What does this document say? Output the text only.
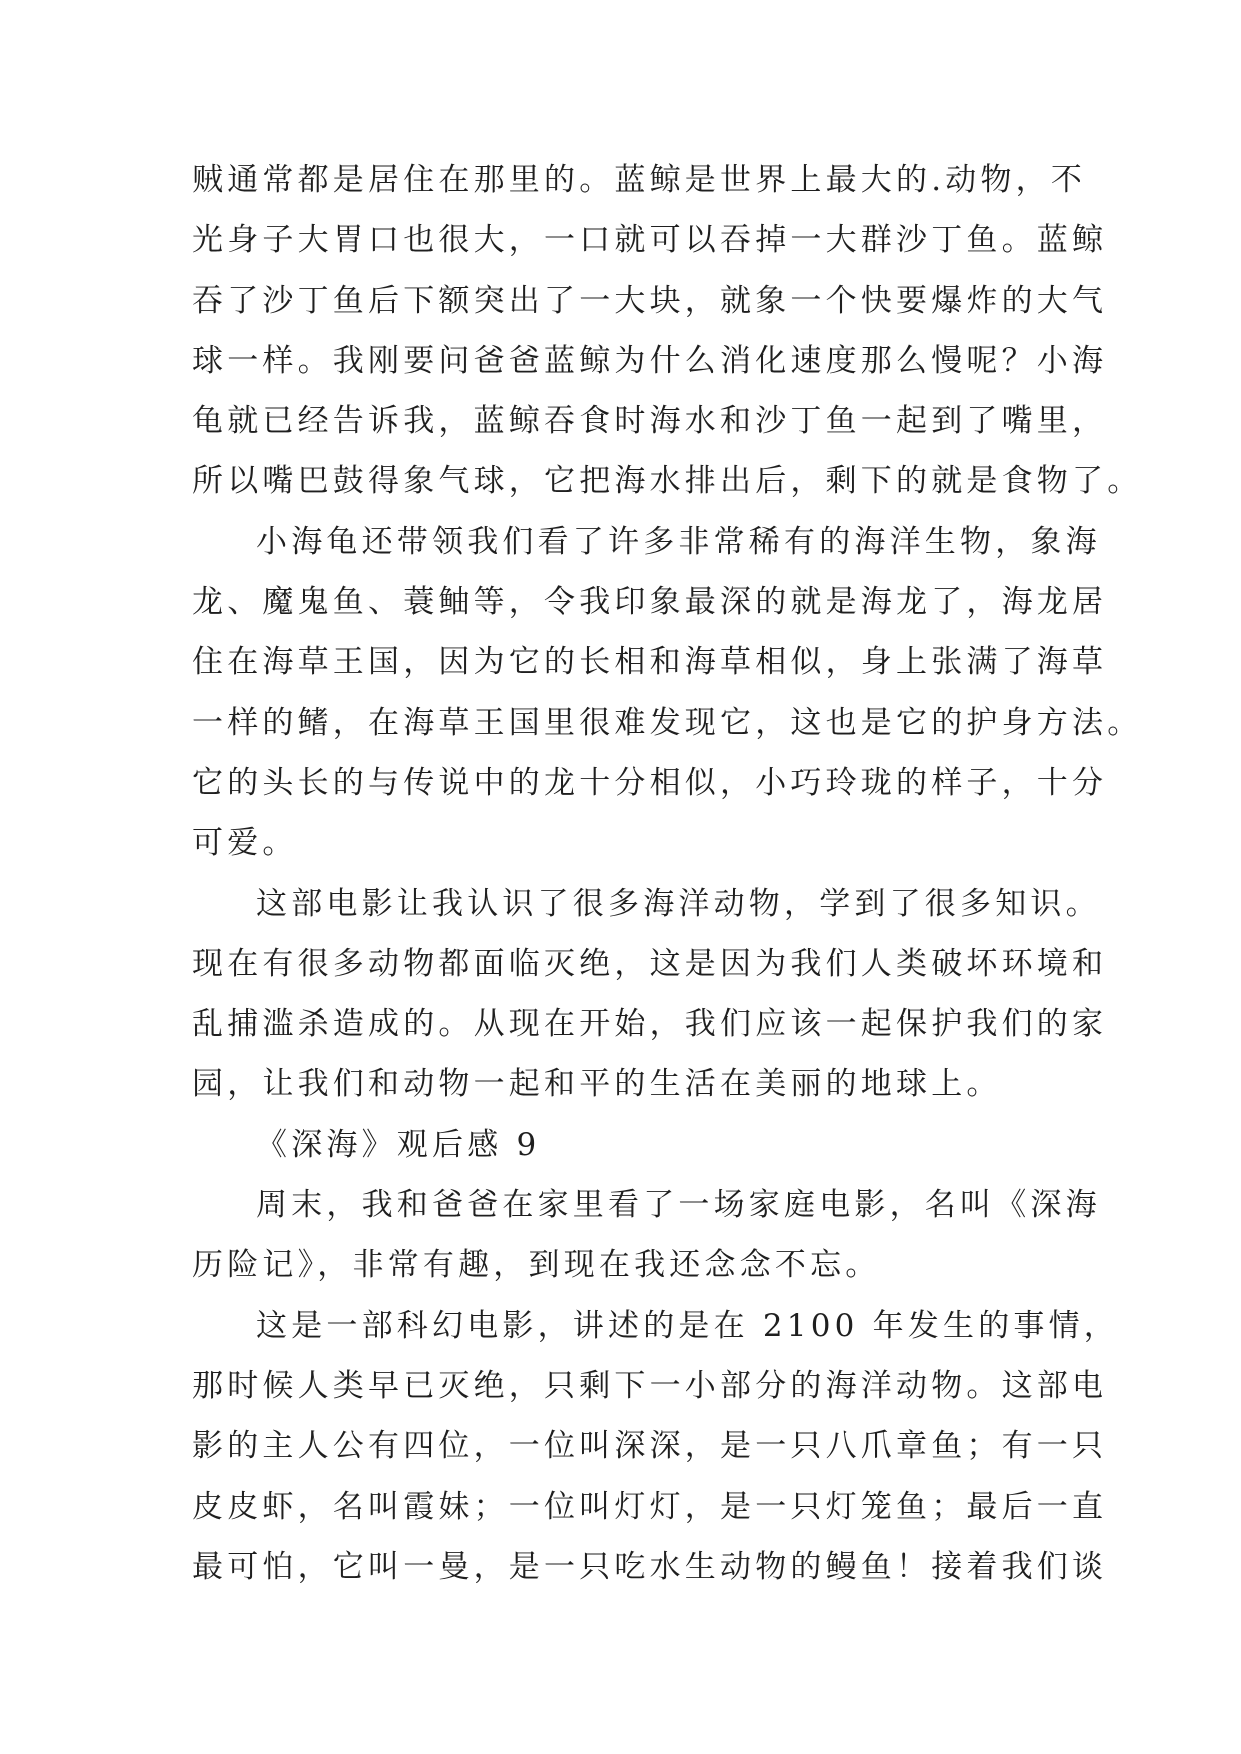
贼通常都是居住在那里的。蓝鲸是世界上最大的.动物，不
光身子大胃口也很大，一口就可以吞掉一大群沙丁鱼。蓝鲸
吞了沙丁鱼后下额突出了一大块，就象一个快要爆炸的大气
球一样。我刚要问爸爸蓝鲸为什么消化速度那么慢呢？小海
龟就已经告诉我，蓝鲸吞食时海水和沙丁鱼一起到了嘴里，
所以嘴巴鼓得象气球，它把海水排出后，剩下的就是食物了。
小海龟还带领我们看了许多非常稀有的海洋生物，象海
龙、魔鬼鱼、蓑鲉等，令我印象最深的就是海龙了，海龙居
住在海草王国，因为它的长相和海草相似，身上张满了海草
一样的鳍，在海草王国里很难发现它，这也是它的护身方法。
它的头长的与传说中的龙十分相似，小巧玲珑的样子，十分
可爱。
这部电影让我认识了很多海洋动物，学到了很多知识。
现在有很多动物都面临灭绝，这是因为我们人类破坏环境和
乱捕滥杀造成的。从现在开始，我们应该一起保护我们的家
园，让我们和动物一起和平的生活在美丽的地球上。
《深海》观后感 9
周末，我和爸爸在家里看了一场家庭电影，名叫《深海
历险记》，非常有趣，到现在我还念念不忘。
这是一部科幻电影，讲述的是在 2100 年发生的事情，
那时候人类早已灭绝，只剩下一小部分的海洋动物。这部电
影的主人公有四位，一位叫深深，是一只八爪章鱼；有一只
皮皮虾，名叫霞妹；一位叫灯灯，是一只灯笼鱼；最后一直
最可怕，它叫一曼，是一只吃水生动物的鳗鱼！接着我们谈
